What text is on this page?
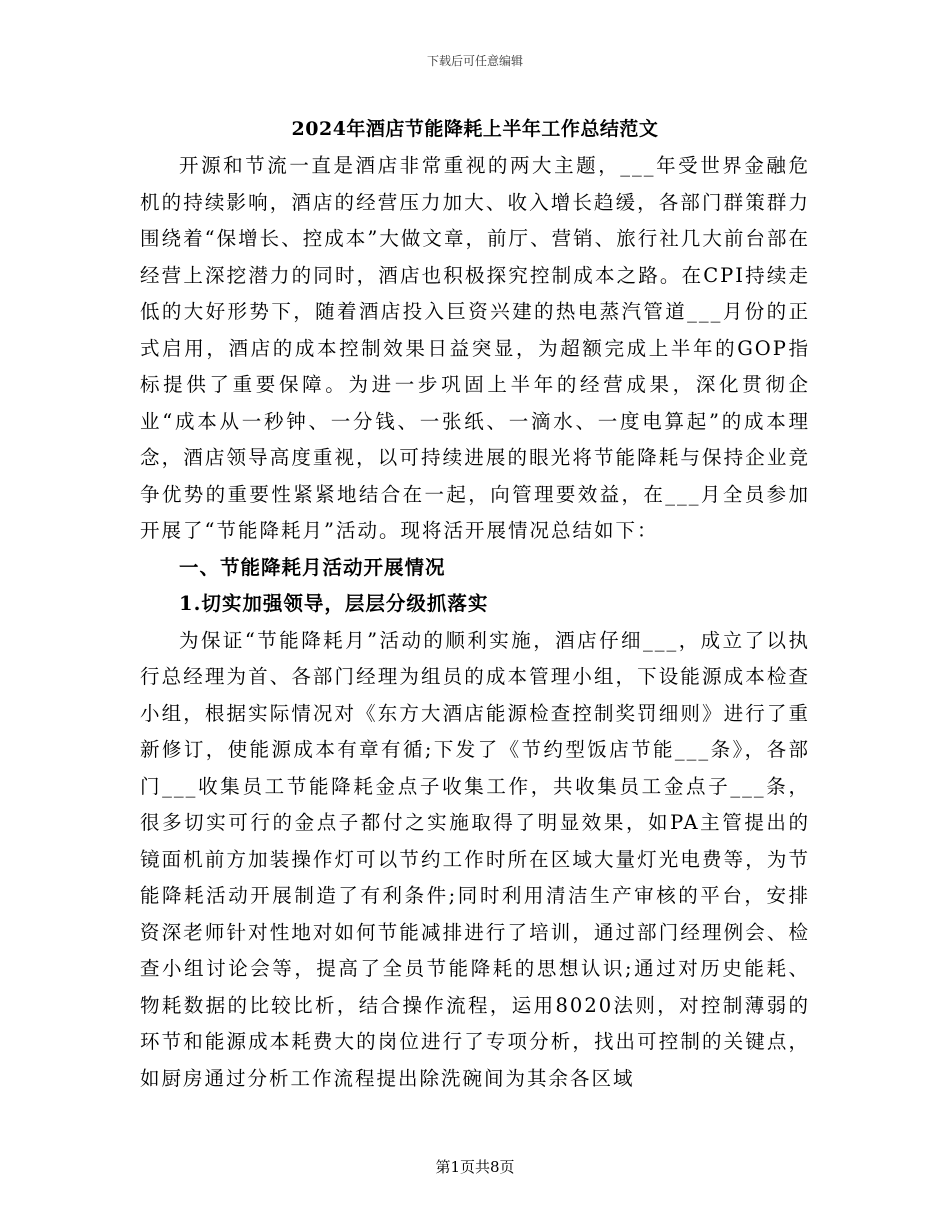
下载后可任意编辑
2024年酒店节能降耗上半年工作总结范文

开源和节流一直是酒店非常重视的两大主题，___年受世界金融危机的持续影响，酒店的经营压力加大、收入增长趋缓，各部门群策群力围绕着“保增长、控成本”大做文章，前厅、营销、旅行社几大前台部在经营上深挖潜力的同时，酒店也积极探究控制成本之路。在CPI持续走低的大好形势下，随着酒店投入巨资兴建的热电蒸汽管道___月份的正式启用，酒店的成本控制效果日益突显，为超额完成上半年的GOP指标提供了重要保障。为进一步巩固上半年的经营成果，深化贯彻企业“成本从一秒钟、一分钱、一张纸、一滴水、一度电算起”的成本理念，酒店领导高度重视，以可持续进展的眼光将节能降耗与保持企业竞争优势的重要性紧紧地结合在一起，向管理要效益，在___月全员参加开展了“节能降耗月”活动。现将活开展情况总结如下：

一、节能降耗月活动开展情况

1.切实加强领导，层层分级抓落实

为保证“节能降耗月”活动的顺利实施，酒店仔细___，成立了以执行总经理为首、各部门经理为组员的成本管理小组，下设能源成本检查小组，根据实际情况对《东方大酒店能源检查控制奖罚细则》进行了重新修订，使能源成本有章有循;下发了《节约型饭店节能___条》，各部门___收集员工节能降耗金点子收集工作，共收集员工金点子___条，很多切实可行的金点子都付之实施取得了明显效果，如PA主管提出的镜面机前方加装操作灯可以节约工作时所在区域大量灯光电费等，为节能降耗活动开展制造了有利条件;同时利用清洁生产审核的平台，安排资深老师针对性地对如何节能减排进行了培训，通过部门经理例会、检查小组讨论会等，提高了全员节能降耗的思想认识;通过对历史能耗、物耗数据的比较比析，结合操作流程，运用8020法则，对控制薄弱的环节和能源成本耗费大的岗位进行了专项分析，找出可控制的关键点，如厨房通过分析工作流程提出除洗碗间为其余各区域

第1页共8页
